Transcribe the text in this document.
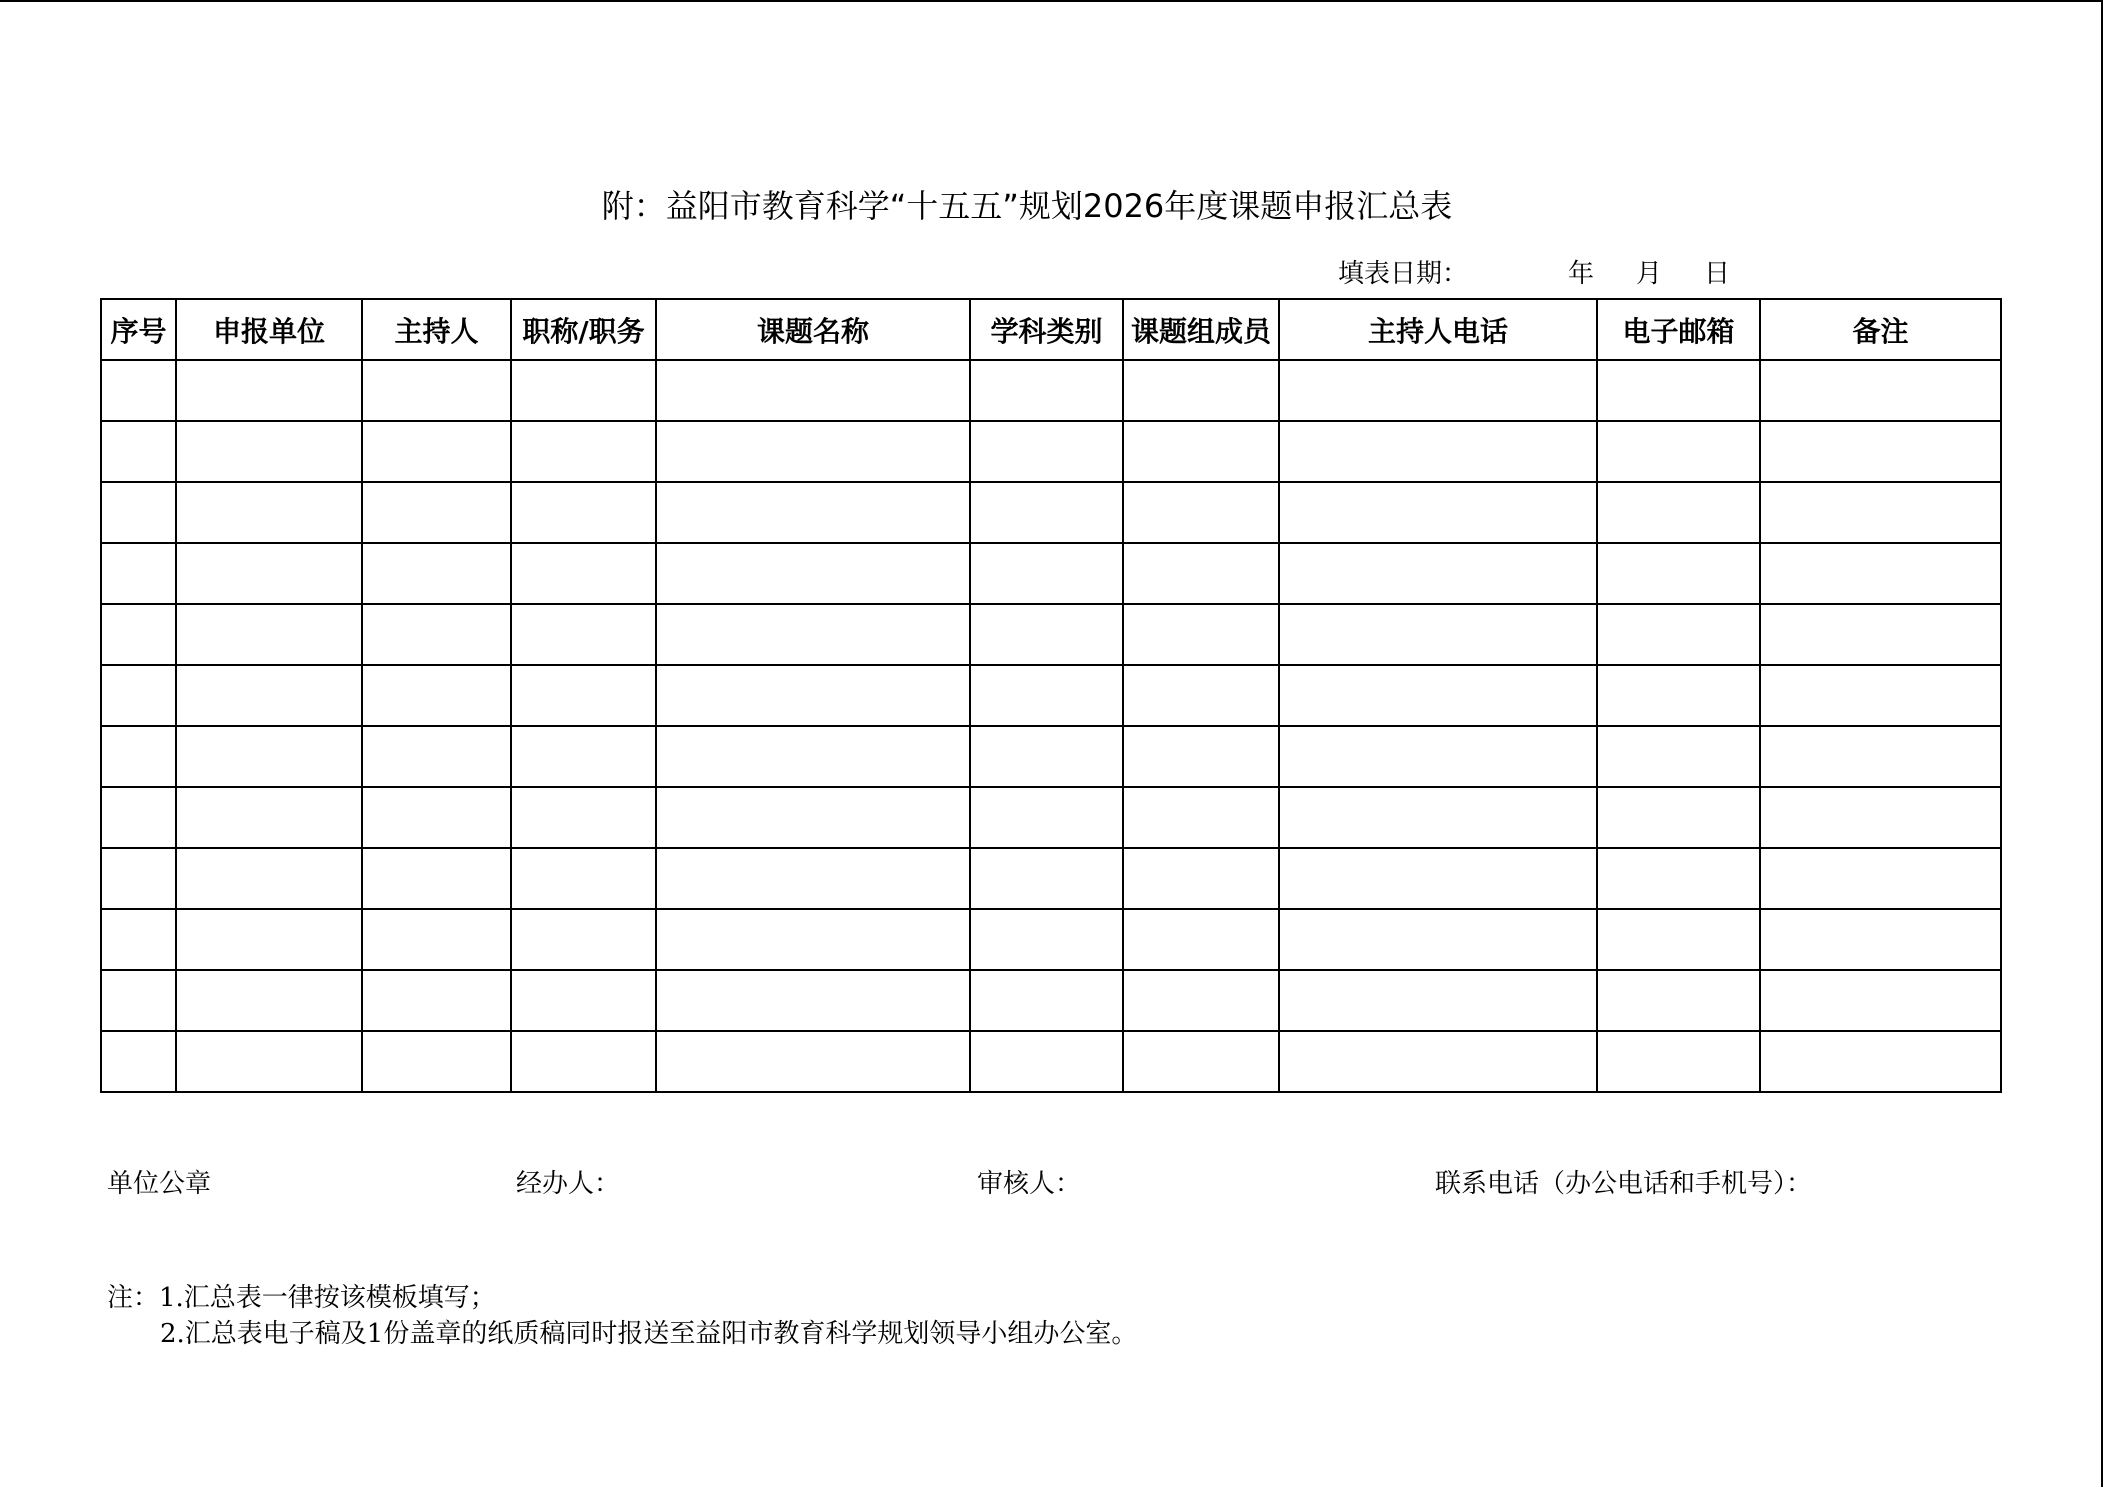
附：益阳市教育科学“十五五”规划2026年度课题申报汇总表
填表日期：	年 月 日
序号	申报单位	主持人	职称/职务	课题名称	学科类别	课题组成员	主持人电话	电子邮箱	备注

单位公章	经办人：	审核人：	联系电话（办公电话和手机号）：
注：1.汇总表一律按该模板填写；
2.汇总表电子稿及1份盖章的纸质稿同时报送至益阳市教育科学规划领导小组办公室。
